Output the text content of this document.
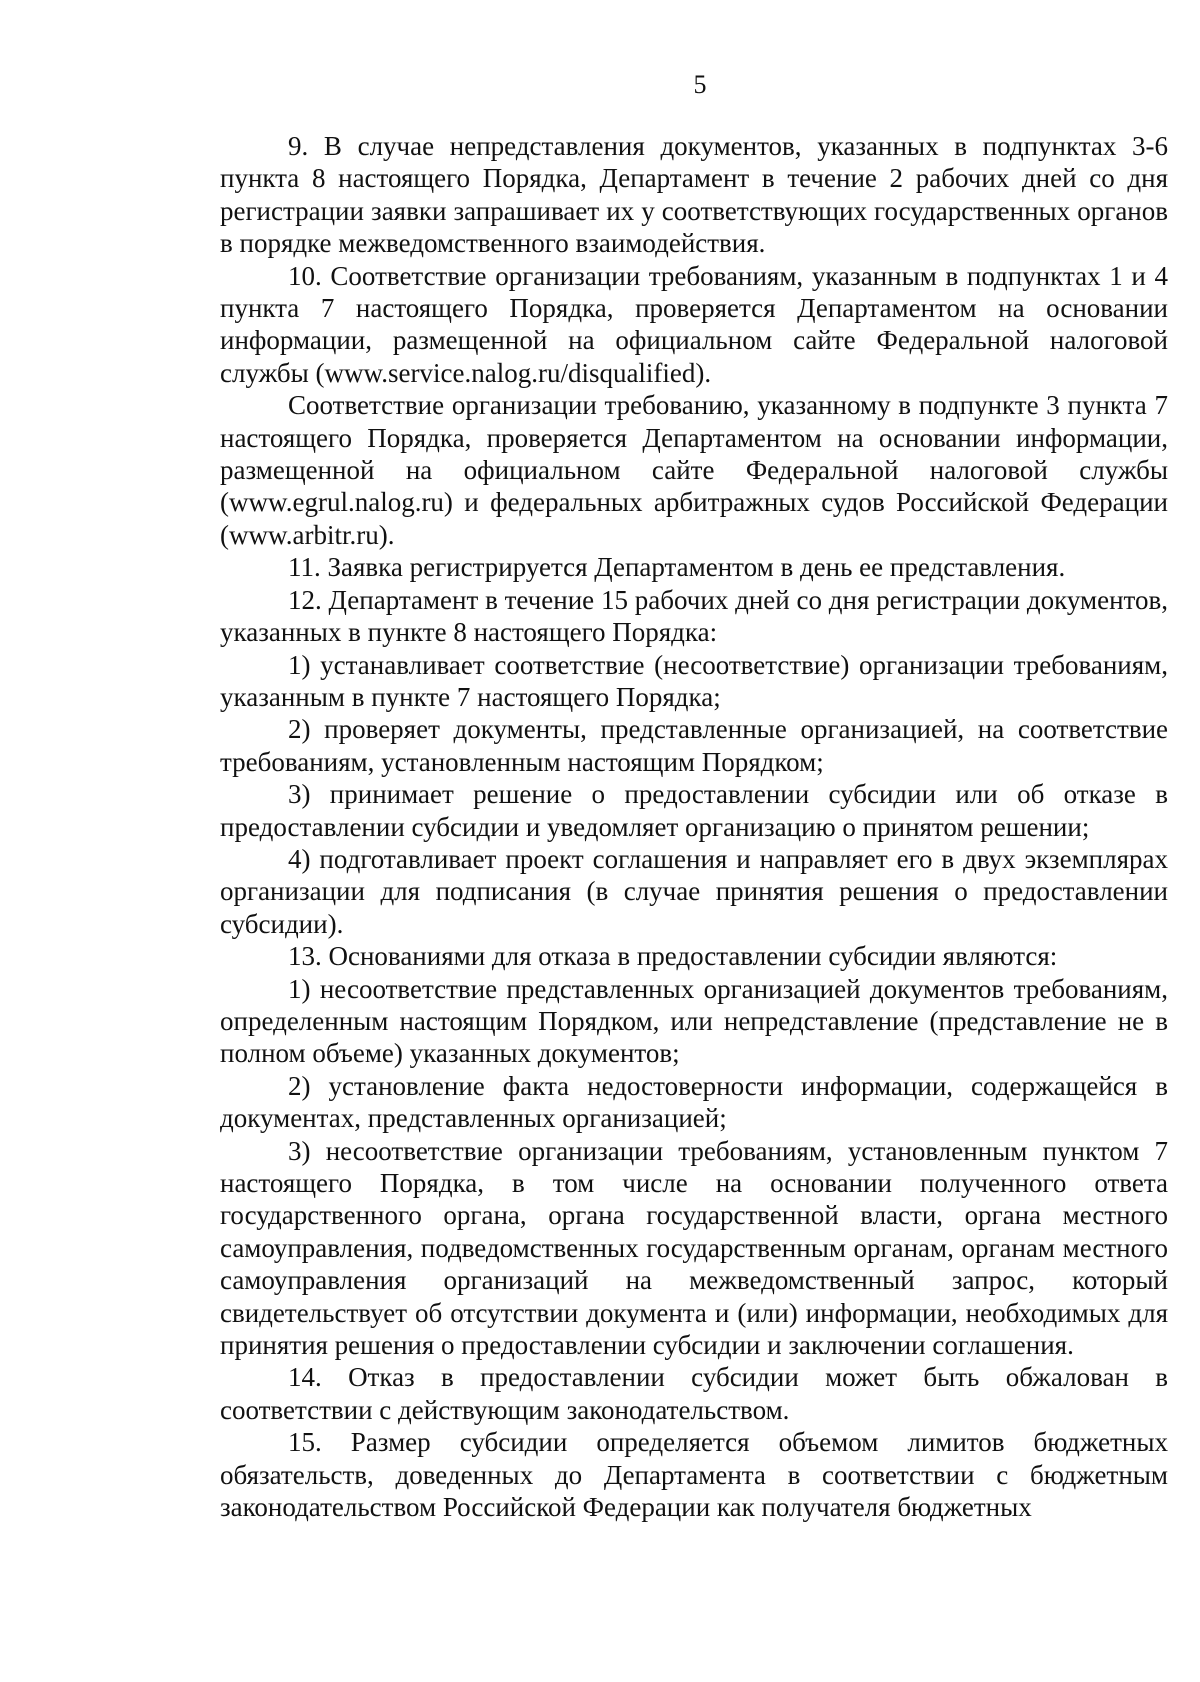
5

9. В случае непредставления документов, указанных в подпунктах 3-6 пункта 8 настоящего Порядка, Департамент в течение 2 рабочих дней со дня регистрации заявки запрашивает их у соответствующих государственных органов в порядке межведомственного взаимодействия.

10. Соответствие организации требованиям, указанным в подпунктах 1 и 4 пункта 7 настоящего Порядка, проверяется Департаментом на основании информации, размещенной на официальном сайте Федеральной налоговой службы (www.service.nalog.ru/disqualified).

Соответствие организации требованию, указанному в подпункте 3 пункта 7 настоящего Порядка, проверяется Департаментом на основании информации, размещенной на официальном сайте Федеральной налоговой службы (www.egrul.nalog.ru) и федеральных арбитражных судов Российской Федерации (www.arbitr.ru).

11. Заявка регистрируется Департаментом в день ее представления.

12. Департамент в течение 15 рабочих дней со дня регистрации документов, указанных в пункте 8 настоящего Порядка:

1) устанавливает соответствие (несоответствие) организации требованиям, указанным в пункте 7 настоящего Порядка;

2) проверяет документы, представленные организацией, на соответствие требованиям, установленным настоящим Порядком;

3) принимает решение о предоставлении субсидии или об отказе в предоставлении субсидии и уведомляет организацию о принятом решении;

4) подготавливает проект соглашения и направляет его в двух экземплярах организации для подписания (в случае принятия решения о предоставлении субсидии).

13. Основаниями для отказа в предоставлении субсидии являются:

1) несоответствие представленных организацией документов требованиям, определенным настоящим Порядком, или непредставление (представление не в полном объеме) указанных документов;

2) установление факта недостоверности информации, содержащейся в документах, представленных организацией;

3) несоответствие организации требованиям, установленным пунктом 7 настоящего Порядка, в том числе на основании полученного ответа государственного органа, органа государственной власти, органа местного самоуправления, подведомственных государственным органам, органам местного самоуправления организаций на межведомственный запрос, который свидетельствует об отсутствии документа и (или) информации, необходимых для принятия решения о предоставлении субсидии и заключении соглашения.

14. Отказ в предоставлении субсидии может быть обжалован в соответствии с действующим законодательством.

15. Размер субсидии определяется объемом лимитов бюджетных обязательств, доведенных до Департамента в соответствии с бюджетным законодательством Российской Федерации как получателя бюджетных
